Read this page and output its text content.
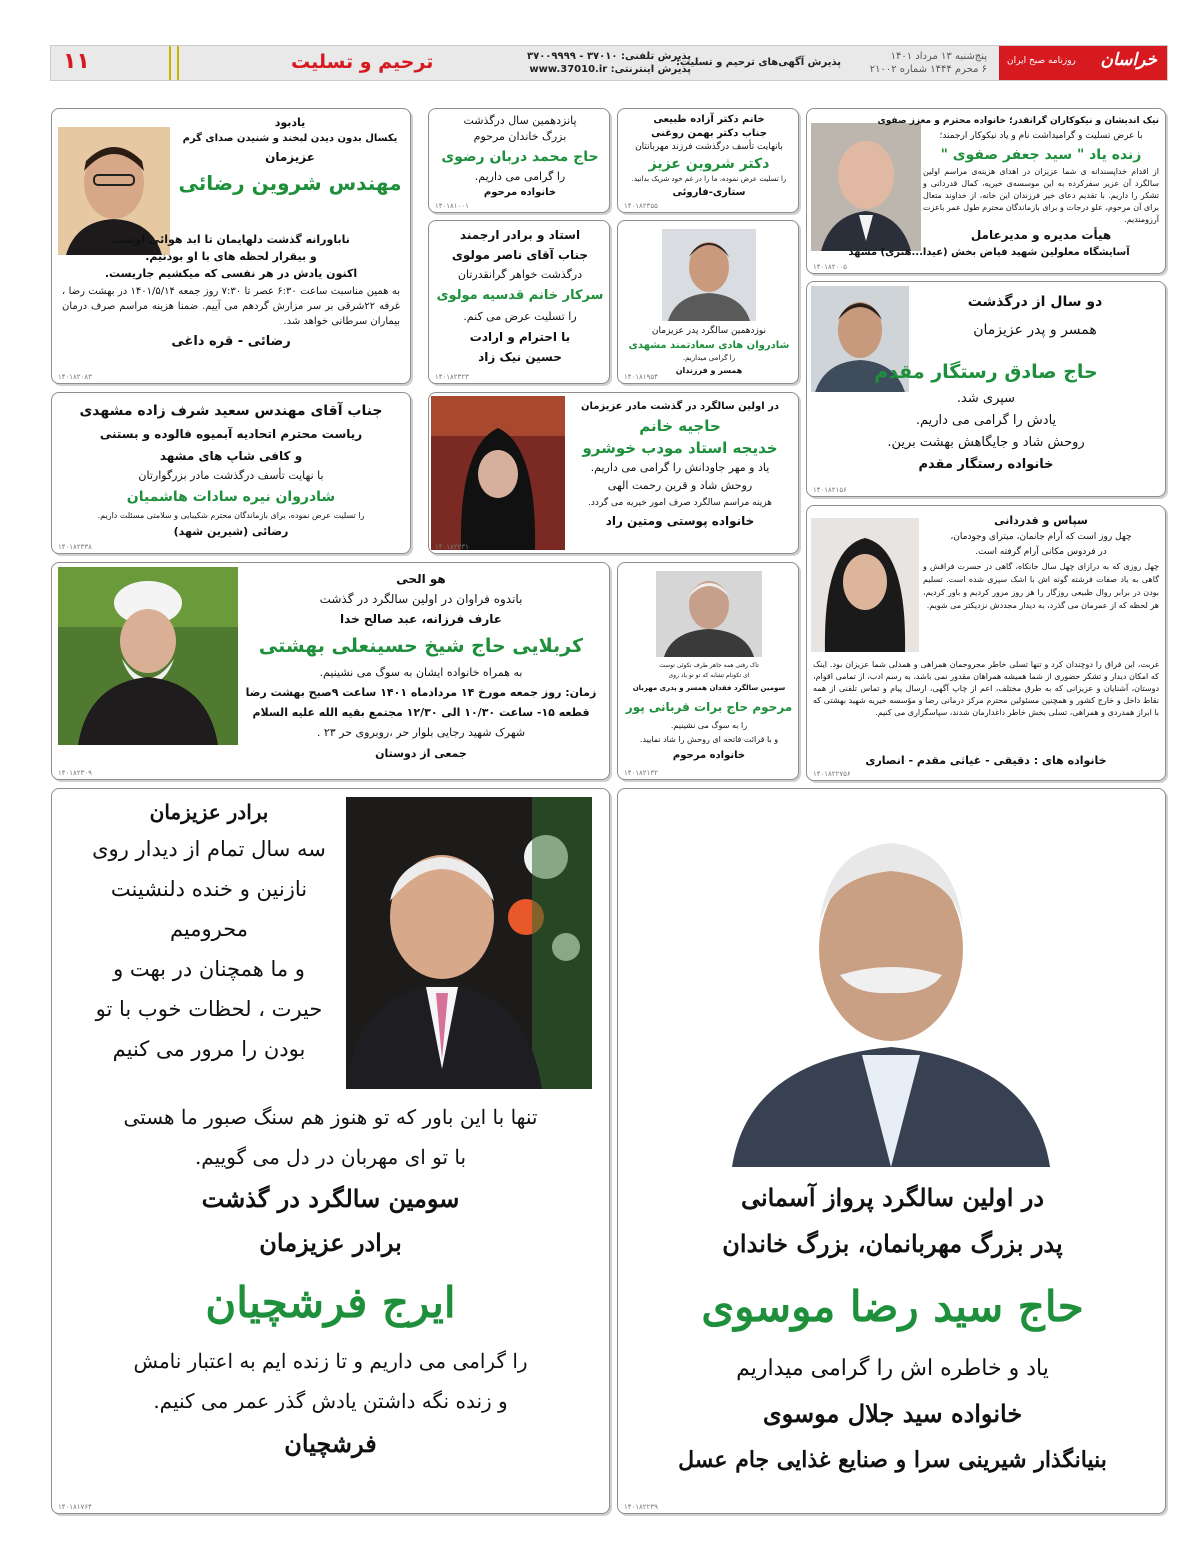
خراسان
روزنامه صبح ایران
پنج‌شنبه ۱۳ مرداد ۱۴۰۱
۶ محرم ۱۴۴۴ شماره ۲۱۰۰۲
پذیرش آگهی‌های ترحیم و تسلیت:
پذیرش تلفنی: ۳۷۰۱۰ - ۳۷۰۰۹۹۹۹
پذیرش اینترنتی: www.37010.ir
ترحیم و تسلیت
۱۱
نیک اندیشان و نیکوکاران گرانقدر؛ خانواده محترم و معزز صفوی
با عرض تسلیت و گرامیداشت نام و یاد نیکوکار ارجمند؛
زنده یاد " سید جعفر صفوی "
از اقدام خداپسندانه ی شما عزیزان در اهدای هزینه‌ی مراسم اولین سالگرد آن عزیز سفرکرده به این موسسه‌ی خیریه، کمال قدردانی و تشکر را داریم. با تقدیم دعای خیر فرزندان این خانه، از خداوند متعال برای آن مرحوم، علو درجات و برای بازماندگان محترم طول عمر باعزت آرزومندیم.
هیأت مدیره و مدیرعامل
آسایشگاه معلولین شهید فیاض بخش (عیدا...هنری) مشهد
۱۴۰۱۸۲۰۰۵
خانم دکتر آزاده طبیعی
جناب دکتر بهمن روغنی
بانهایت تأسف درگذشت فرزند مهربانتان
دکتر شروین عزیز
را تسلیت عرض نموده، ما را در غم خود شریک بدانید.
ستاری-فاروئی
۱۴۰۱۸۲۳۵۵
پانزدهمین سال درگذشت
بزرگ خاندان مرحوم
حاج محمد دربان رضوی
را گرامی می داریم.
خانواده مرحوم
۱۴۰۱۸۱۰۰۱
یادبود
یکسال بدون دیدن لبخند و شنیدن صدای گرم
عزیزمان
مهندس شروین رضائی
ناباورانه گذشت دلهایمان تا ابد هوائی اوست
و بیقرار لحظه های با او بودنیم.
اکنون یادش در هر نفسی که میکشیم جاریست.
به همین مناسبت ساعت ۶:۳۰ عصر تا ۷:۳۰ روز جمعه ۱۴۰۱/۵/۱۴ در بهشت رضا ، غرفه ۲۲شرقی بر سر مزارش گردهم می آییم. ضمنا هزینه مراسم صرف درمان بیماران سرطانی خواهد شد.
رضائی - قره داغی
۱۴۰۱۸۲۰۸۳
استاد و برادر ارجمند
جناب آقای ناصر مولوی
درگذشت خواهر گرانقدرتان
سرکار خانم قدسیه مولوی
را تسلیت عرض می کنم.
با احترام و ارادت
حسین نیک زاد
۱۴۰۱۸۲۳۲۳
نوزدهمین سالگرد پدر عزیزمان
شادروان هادی سعادتمند مشهدی
را گرامی میداریم.
همسر و فرزندان
۱۴۰۱۸۱۹۵۴
دو سال از درگذشت
همسر و پدر عزیزمان
حاج صادق رستگار مقدم
سپری شد.
یادش را گرامی می داریم.
روحش شاد و جایگاهش بهشت برین.
خانواده رستگار مقدم
۱۴۰۱۸۲۱۵۶
جناب آقای مهندس سعید شرف زاده مشهدی
ریاست محترم اتحادیه آبمیوه فالوده و بستنی
و کافی شاپ های مشهد
با نهایت تأسف درگذشت مادر بزرگوارتان
شادروان نیره سادات هاشمیان
را تسلیت عرض نموده، برای بازماندگان محترم شکیبایی و سلامتی مسئلت داریم.
رضائی (شیرین شهد)
۱۴۰۱۸۲۳۳۸
در اولین سالگرد در گذشت مادر عزیزمان
حاجیه خانم
خدیجه استاد مودب خوشرو
یاد و مهر جاودانش را گرامی می داریم.
روحش شاد و قرین رحمت الهی
هزینه مراسم سالگرد صرف امور خیریه می گردد.
خانواده پوستی ومتین راد
۱۴۰۱۸۲۲۳۱
سپاس و قدردانی
چهل روز است که آرام جانمان، میترای وجودمان،
در فردوس مکانی آرام گرفته است.
چهل روزی که به درازای چهل سال جانکاه، گاهی در حسرت فراقش و گاهی به یاد صفات فرشته گونه اش با اشک سپری شده است. تسلیم بودن در برابر روال طبیعی روزگار را هر روز مرور کردیم و باور کردیم، هر لحظه که از عمرمان می گذرد، به دیدار مجددش نزدیکتر می شویم.
غربت، این فراق را دوچندان کرد و تنها تسلی خاطر مجروحمان همراهی و همدلی شما عزیزان بود. اینک که امکان دیدار و تشکر حضوری از شما همیشه همراهان مقدور نمی باشد، به رسم ادب، از تمامی اقوام، دوستان، آشنایان و عزیزانی که به طرق مختلف، اعم از چاپ آگهی، ارسال پیام و تماس تلفنی از همه نقاط داخل و خارج کشور و همچنین مسئولین محترم مرکز درمانی رضا و مؤسسه خیریه شهید بهشتی که با ابراز همدردی و همراهی، تسلی بخش خاطر داغدارمان شدند، سپاسگزاری می کنیم.
خانواده های : دقیقی - غیاثی مقدم - انصاری
۱۴۰۱۸۲۲۷۵۶
هو الحی
باندوه فراوان در اولین سالگرد در گذشت
عارف فرزانه، عبد صالح خدا
کربلایی حاج شیخ حسینعلی بهشتی
به همراه خانواده ایشان به سوگ می نشینیم.
زمان: روز جمعه مورخ ۱۴ مردادماه ۱۴۰۱ ساعت ۹صبح بهشت رضا
قطعه ۱۵- ساعت ۱۰/۳۰ الی ۱۲/۳۰ مجتمع بقیه الله علیه السلام
شهرک شهید رجایی بلوار حر ،روبروی حر ۲۳ .
جمعی از دوستان
۱۴۰۱۸۲۳۰۹
تاک رفتی همه جاهر طرف نکوئی توست
ای تکونام تشابه که تو تو یاد روی
سومین سالگرد فقدان همسر و پدری مهربان
مرحوم حاج برات قربانی پور
را به سوگ می نشینیم.
و با قرائت فاتحه ای روحش را شاد نمایید.
خانواده مرحوم
۱۴۰۱۸۲۱۳۲
برادر عزیزمان
سه سال تمام از دیدار روی
نازنین و خنده دلنشینت
محرومیم
و ما همچنان در بهت و
حیرت ، لحظات خوب با تو
بودن را مرور می کنیم
تنها با این باور که تو هنوز هم سنگ صبور ما هستی
با تو ای مهربان در دل می گوییم.
سومین سالگرد در گذشت
برادر عزیزمان
ایرج فرشچیان
را گرامی می داریم و تا زنده ایم به اعتبار نامش
و زنده نگه داشتن یادش گذر عمر می کنیم.
فرشچیان
۱۴۰۱۸۱۷۶۴
در اولین سالگرد پرواز آسمانی
پدر بزرگ مهربانمان، بزرگ خاندان
حاج سید رضا موسوی
یاد و خاطره اش را گرامی میداریم
خانواده سید جلال موسوی
بنیانگذار شیرینی سرا و صنایع غذایی جام عسل
۱۴۰۱۸۲۲۳۹
